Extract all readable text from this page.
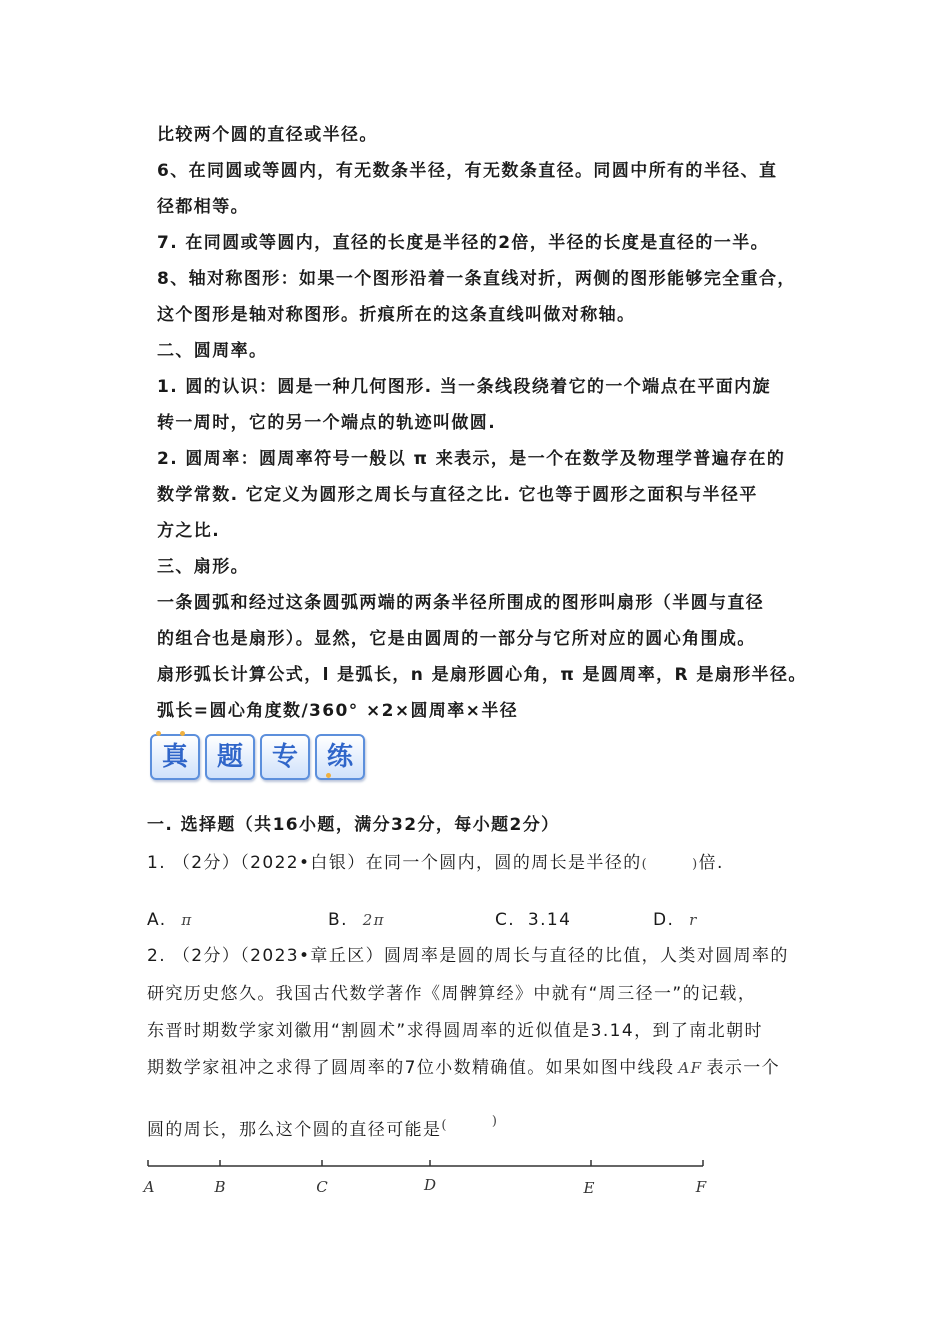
比较两个圆的直径或半径。
6、在同圆或等圆内，有无数条半径，有无数条直径。同圆中所有的半径、直
径都相等。
7. 在同圆或等圆内，直径的长度是半径的2倍，半径的长度是直径的一半。
8、轴对称图形：如果一个图形沿着一条直线对折，两侧的图形能够完全重合，
这个图形是轴对称图形。折痕所在的这条直线叫做对称轴。
二、圆周率。
1. 圆的认识：圆是一种几何图形. 当一条线段绕着它的一个端点在平面内旋
转一周时，它的另一个端点的轨迹叫做圆.
2. 圆周率：圆周率符号一般以 π 来表示，是一个在数学及物理学普遍存在的
数学常数. 它定义为圆形之周长与直径之比. 它也等于圆形之面积与半径平
方之比.
三、扇形。
一条圆弧和经过这条圆弧两端的两条半径所围成的图形叫扇形（半圆与直径
的组合也是扇形）。显然，它是由圆周的一部分与它所对应的圆心角围成。
扇形弧长计算公式，l 是弧长，n 是扇形圆心角，π 是圆周率，R 是扇形半径。
弧长=圆心角度数/360° ×2×圆周率×半径
真	题	专	练
一. 选择题（共16小题，满分32分，每小题2分）
1. （2分）（2022•白银）在同一个圆内，圆的周长是半径的(	)倍.
A. π	B. 2π	C. 3.14	D. r
2. （2分）（2023•章丘区）圆周率是圆的周长与直径的比值，人类对圆周率的
研究历史悠久。我国古代数学著作《周髀算经》中就有“周三径一”的记载，
东晋时期数学家刘徽用“割圆术”求得圆周率的近似值是3.14，到了南北朝时
期数学家祖冲之求得了圆周率的7位小数精确值。如果如图中线段 AF 表示一个
圆的周长，那么这个圆的直径可能是(	)
A	B	C	D	E	F
